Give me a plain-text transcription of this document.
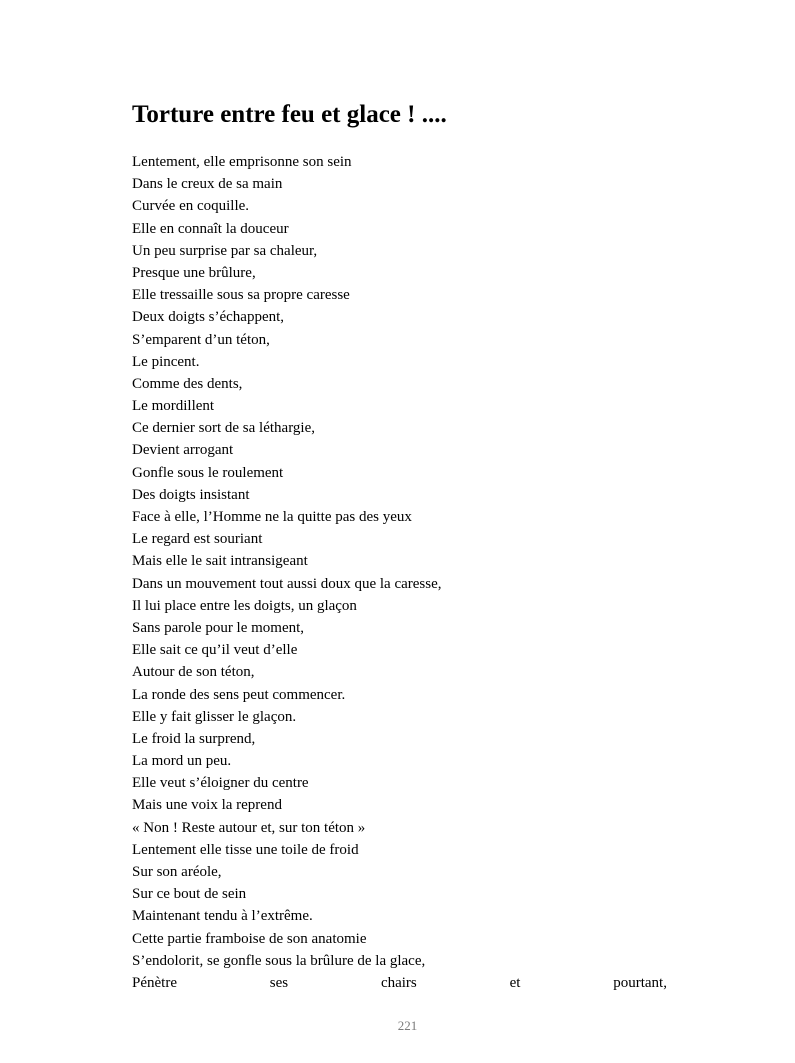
Torture entre feu et glace ! ....
Lentement, elle emprisonne son sein
Dans le creux de sa main
Curvée en coquille.
Elle en connaît la douceur
Un peu surprise par sa chaleur,
Presque une brûlure,
Elle tressaille sous sa propre caresse
Deux doigts s’échappent,
S’emparent d’un téton,
Le pincent.
Comme des dents,
Le mordillent
Ce dernier sort de sa léthargie,
Devient arrogant
Gonfle sous le roulement
Des doigts insistant
Face à elle, l’Homme ne la quitte pas des yeux
Le regard est souriant
Mais elle le sait intransigeant
Dans un mouvement tout aussi doux que la caresse,
Il lui place entre les doigts, un glaçon
Sans parole pour le moment,
Elle sait ce qu’il veut d’elle
Autour de son téton,
La ronde des sens peut commencer.
Elle y fait glisser le glaçon.
Le froid la surprend,
La mord un peu.
Elle veut s’éloigner du centre
Mais une voix la reprend
« Non ! Reste autour et, sur ton téton »
Lentement elle tisse une toile de froid
Sur son aréole,
Sur ce bout de sein
Maintenant tendu à l’extrême.
Cette partie framboise de son anatomie
S’endolorit, se gonfle sous la brûlure de la glace,
Pénètre	ses	chairs	et	pourtant,
221
